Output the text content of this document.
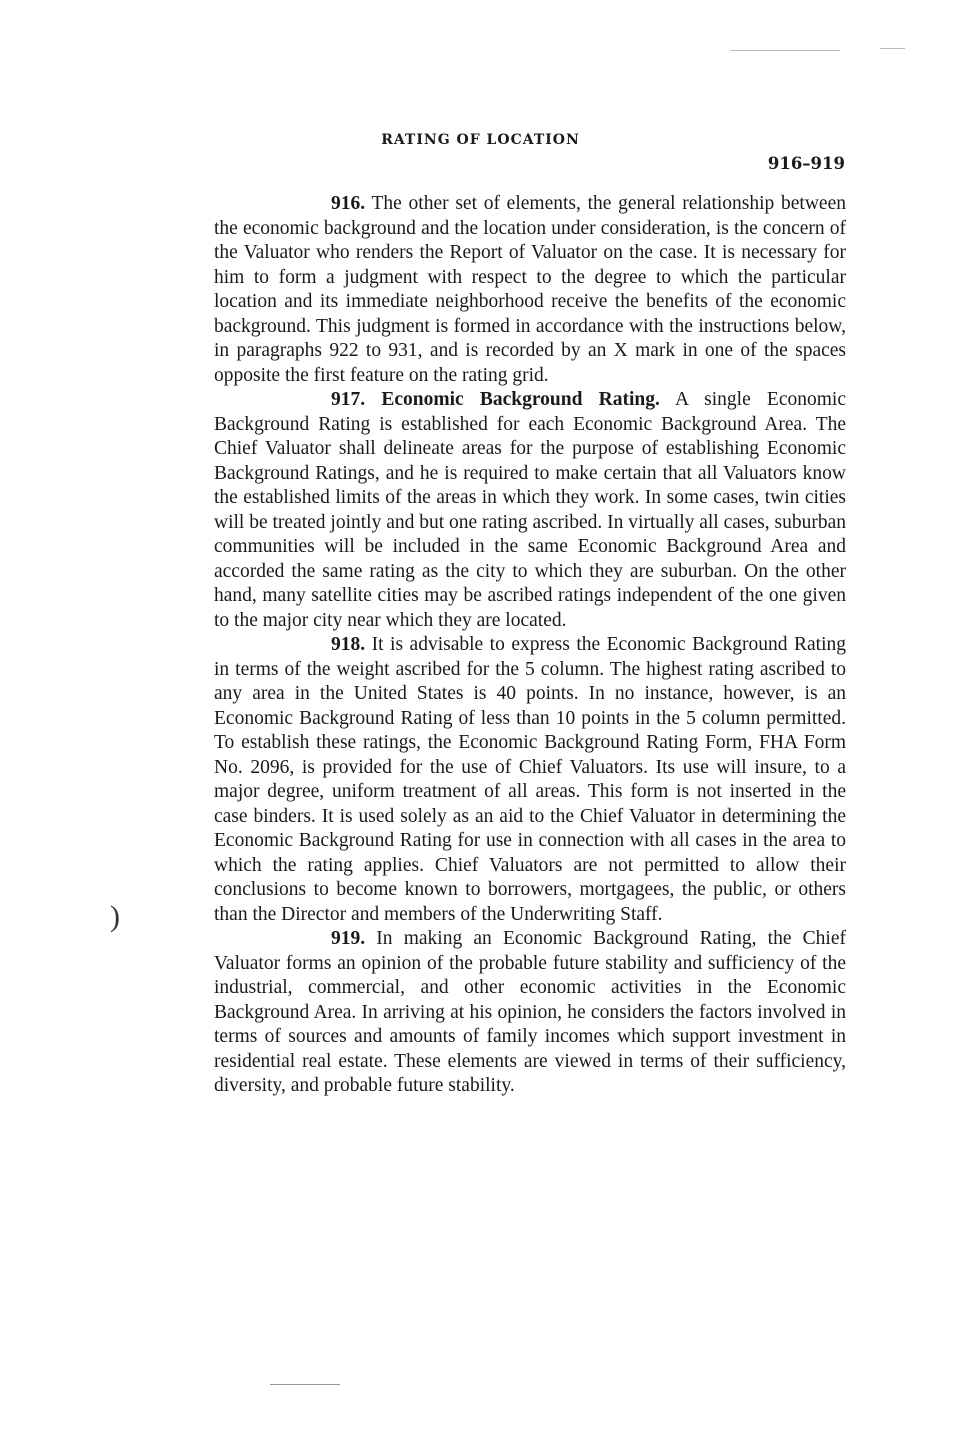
RATING OF LOCATION
916–919
)

916. The other set of elements, the general relationship between the economic background and the location under consideration, is the concern of the Valuator who renders the Report of Valuator on the case. It is necessary for him to form a judgment with respect to the degree to which the particular location and its immediate neighborhood receive the benefits of the economic background. This judgment is formed in accordance with the instructions below, in paragraphs 922 to 931, and is recorded by an X mark in one of the spaces opposite the first feature on the rating grid.

917. Economic Background Rating. A single Economic Background Rating is established for each Economic Background Area. The Chief Valuator shall delineate areas for the purpose of establishing Economic Background Ratings, and he is required to make certain that all Valuators know the established limits of the areas in which they work. In some cases, twin cities will be treated jointly and but one rating ascribed. In virtually all cases, suburban communities will be included in the same Economic Background Area and accorded the same rating as the city to which they are suburban. On the other hand, many satellite cities may be ascribed ratings independent of the one given to the major city near which they are located.

918. It is advisable to express the Economic Background Rating in terms of the weight ascribed for the 5 column. The highest rating ascribed to any area in the United States is 40 points. In no instance, however, is an Economic Background Rating of less than 10 points in the 5 column permitted. To establish these ratings, the Economic Background Rating Form, FHA Form No. 2096, is provided for the use of Chief Valuators. Its use will insure, to a major degree, uniform treatment of all areas. This form is not inserted in the case binders. It is used solely as an aid to the Chief Valuator in determining the Economic Background Rating for use in connection with all cases in the area to which the rating applies. Chief Valuators are not permitted to allow their conclusions to become known to borrowers, mortgagees, the public, or others than the Director and members of the Underwriting Staff.

919. In making an Economic Background Rating, the Chief Valuator forms an opinion of the probable future stability and sufficiency of the industrial, commercial, and other economic activities in the Economic Background Area. In arriving at his opinion, he considers the factors involved in terms of sources and amounts of family incomes which support investment in residential real estate. These elements are viewed in terms of their sufficiency, diversity, and probable future stability.
